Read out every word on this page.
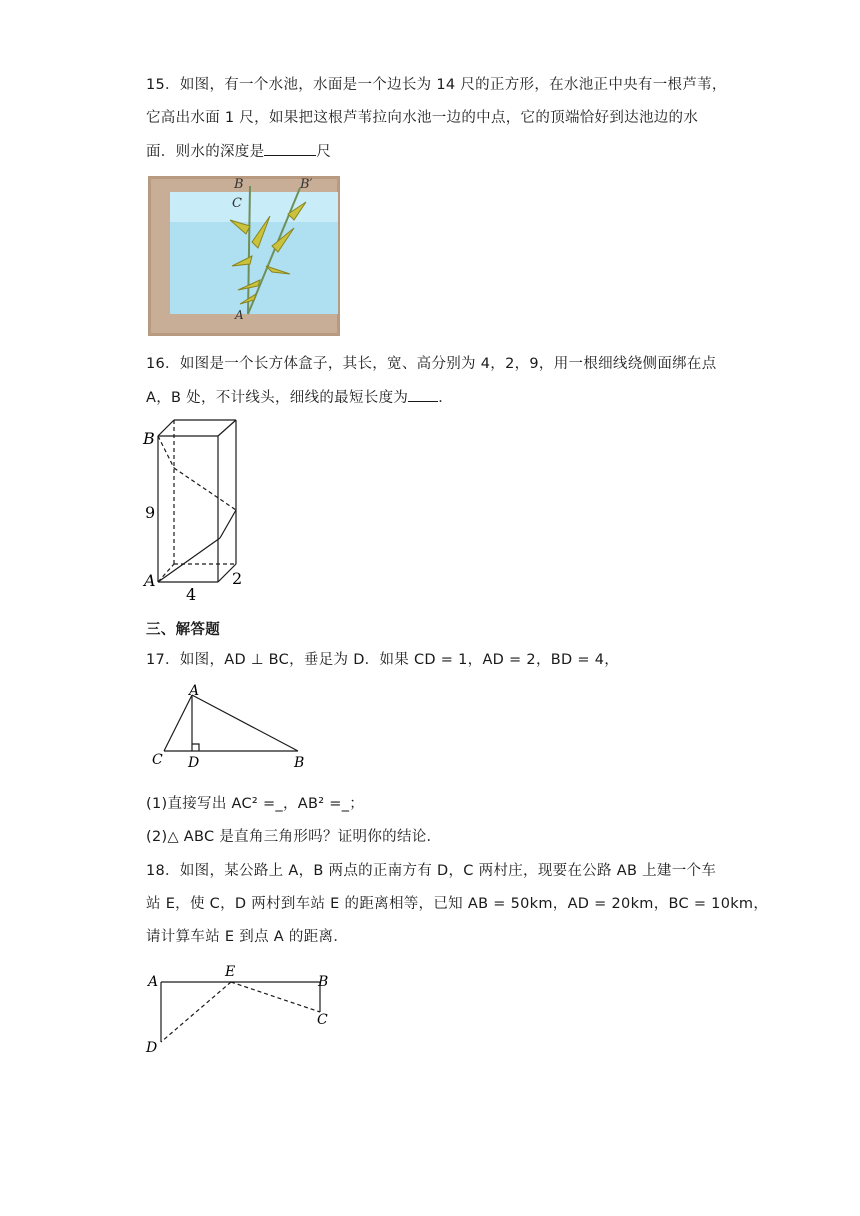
15．如图，有一个水池，水面是一个边长为 14 尺的正方形，在水池正中央有一根芦苇，
它高出水面 1 尺，如果把这根芦苇拉向水池一边的中点，它的顶端恰好到达池边的水
面．则水的深度是	尺
B	B′
C
A
16．如图是一个长方体盒子，其长，宽、高分别为 4，2，9，用一根细线绕侧面绑在点
A，B 处，不计线头，细线的最短长度为 ．
B
A
9
4
2
三、解答题
17．如图，AD ⊥ BC，垂足为 D．如果 CD = 1，AD = 2，BD = 4，
A
C D	B
(1)直接写出 AC² =_，AB² =_；
(2)△ ABC 是直角三角形吗？证明你的结论．
18．如图，某公路上 A，B 两点的正南方有 D，C 两村庄，现要在公路 AB 上建一个车
站 E，使 C，D 两村到车站 E 的距离相等，已知 AB = 50km，AD = 20km，BC = 10km，
请计算车站 E 到点 A 的距离．
A
E
B
C
D
